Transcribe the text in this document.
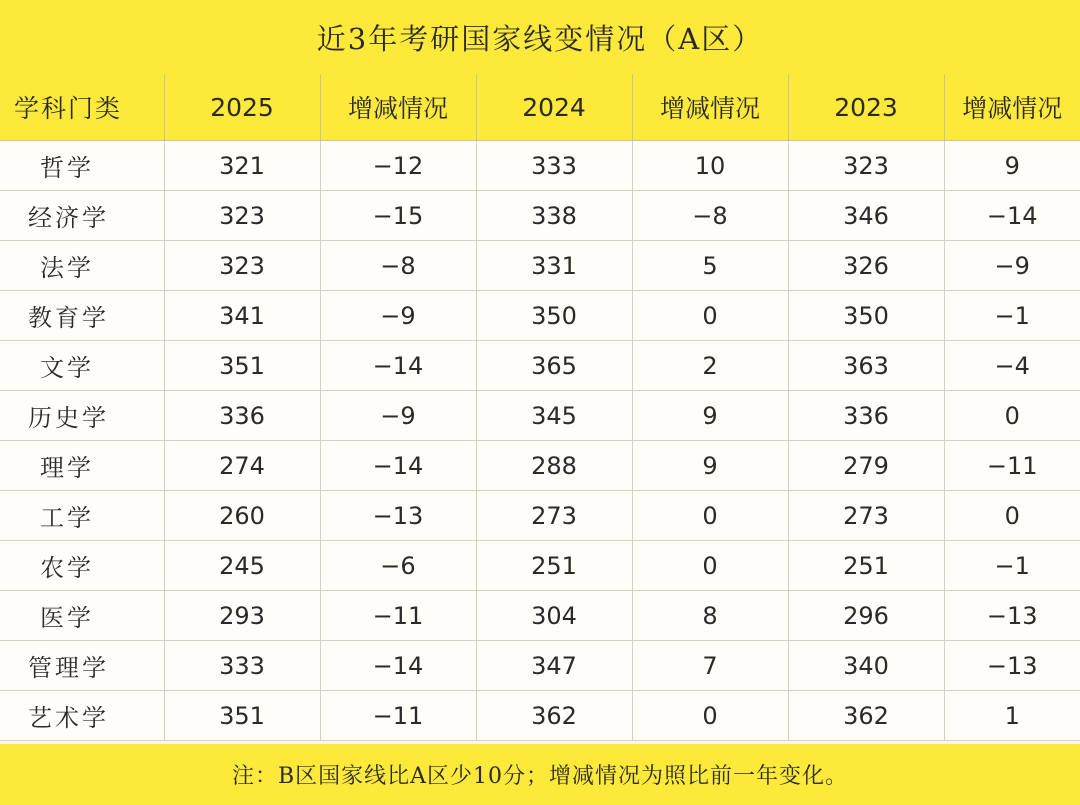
近3年考研国家线变情况（A区）
学科门类	2025	增减情况	2024	增减情况	2023	增减情况
哲学	321	−12	333	10	323	9
经济学	323	−15	338	−8	346	−14
法学	323	−8	331	5	326	−9
教育学	341	−9	350	0	350	−1
文学	351	−14	365	2	363	−4
历史学	336	−9	345	9	336	0
理学	274	−14	288	9	279	−11
工学	260	−13	273	0	273	0
农学	245	−6	251	0	251	−1
医学	293	−11	304	8	296	−13
管理学	333	−14	347	7	340	−13
艺术学	351	−11	362	0	362	1
注：B区国家线比A区少10分；增减情况为照比前一年变化。
